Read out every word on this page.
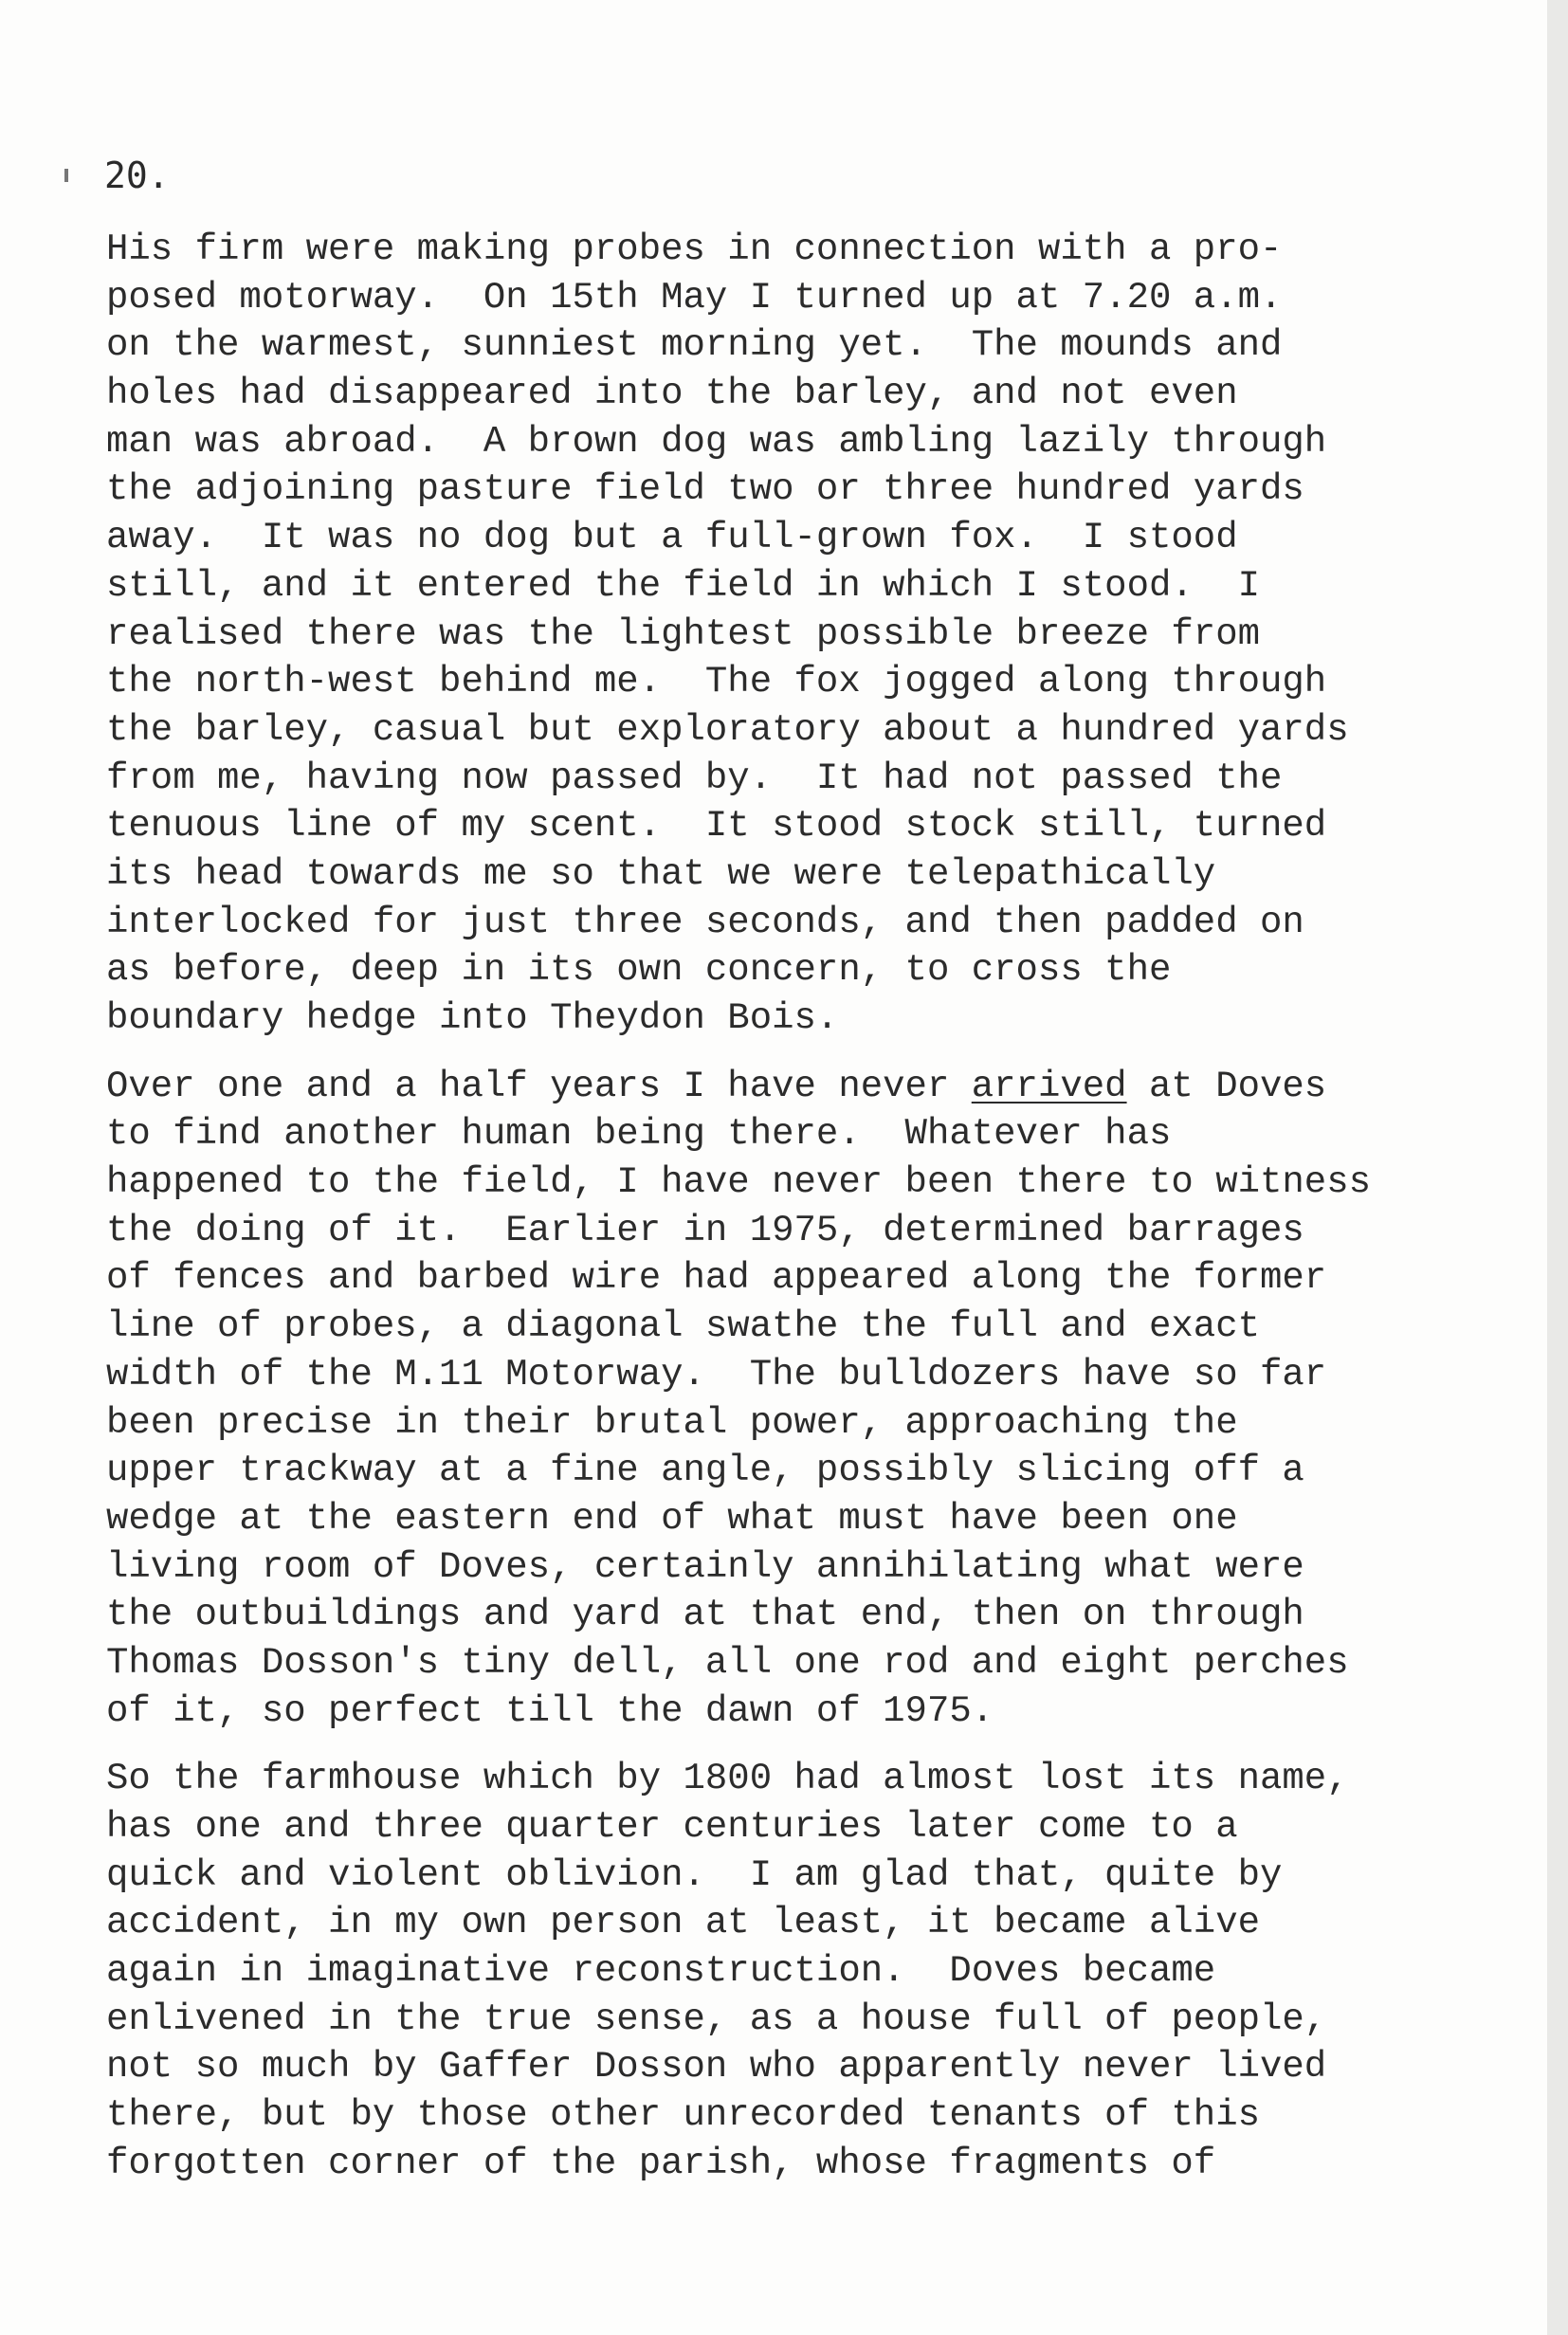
20.
His firm were making probes in connection with a pro-
posed motorway.  On 15th May I turned up at 7.20 a.m.
on the warmest, sunniest morning yet.  The mounds and
holes had disappeared into the barley, and not even
man was abroad.  A brown dog was ambling lazily through
the adjoining pasture field two or three hundred yards
away.  It was no dog but a full-grown fox.  I stood
still, and it entered the field in which I stood.  I
realised there was the lightest possible breeze from
the north-west behind me.  The fox jogged along through
the barley, casual but exploratory about a hundred yards
from me, having now passed by.  It had not passed the
tenuous line of my scent.  It stood stock still, turned
its head towards me so that we were telepathically
interlocked for just three seconds, and then padded on
as before, deep in its own concern, to cross the
boundary hedge into Theydon Bois.
Over one and a half years I have never arrived at Doves
to find another human being there.  Whatever has
happened to the field, I have never been there to witness
the doing of it.  Earlier in 1975, determined barrages
of fences and barbed wire had appeared along the former
line of probes, a diagonal swathe the full and exact
width of the M.11 Motorway.  The bulldozers have so far
been precise in their brutal power, approaching the
upper trackway at a fine angle, possibly slicing off a
wedge at the eastern end of what must have been one
living room of Doves, certainly annihilating what were
the outbuildings and yard at that end, then on through
Thomas Dosson's tiny dell, all one rod and eight perches
of it, so perfect till the dawn of 1975.
So the farmhouse which by 1800 had almost lost its name,
has one and three quarter centuries later come to a
quick and violent oblivion.  I am glad that, quite by
accident, in my own person at least, it became alive
again in imaginative reconstruction.  Doves became
enlivened in the true sense, as a house full of people,
not so much by Gaffer Dosson who apparently never lived
there, but by those other unrecorded tenants of this
forgotten corner of the parish, whose fragments of
